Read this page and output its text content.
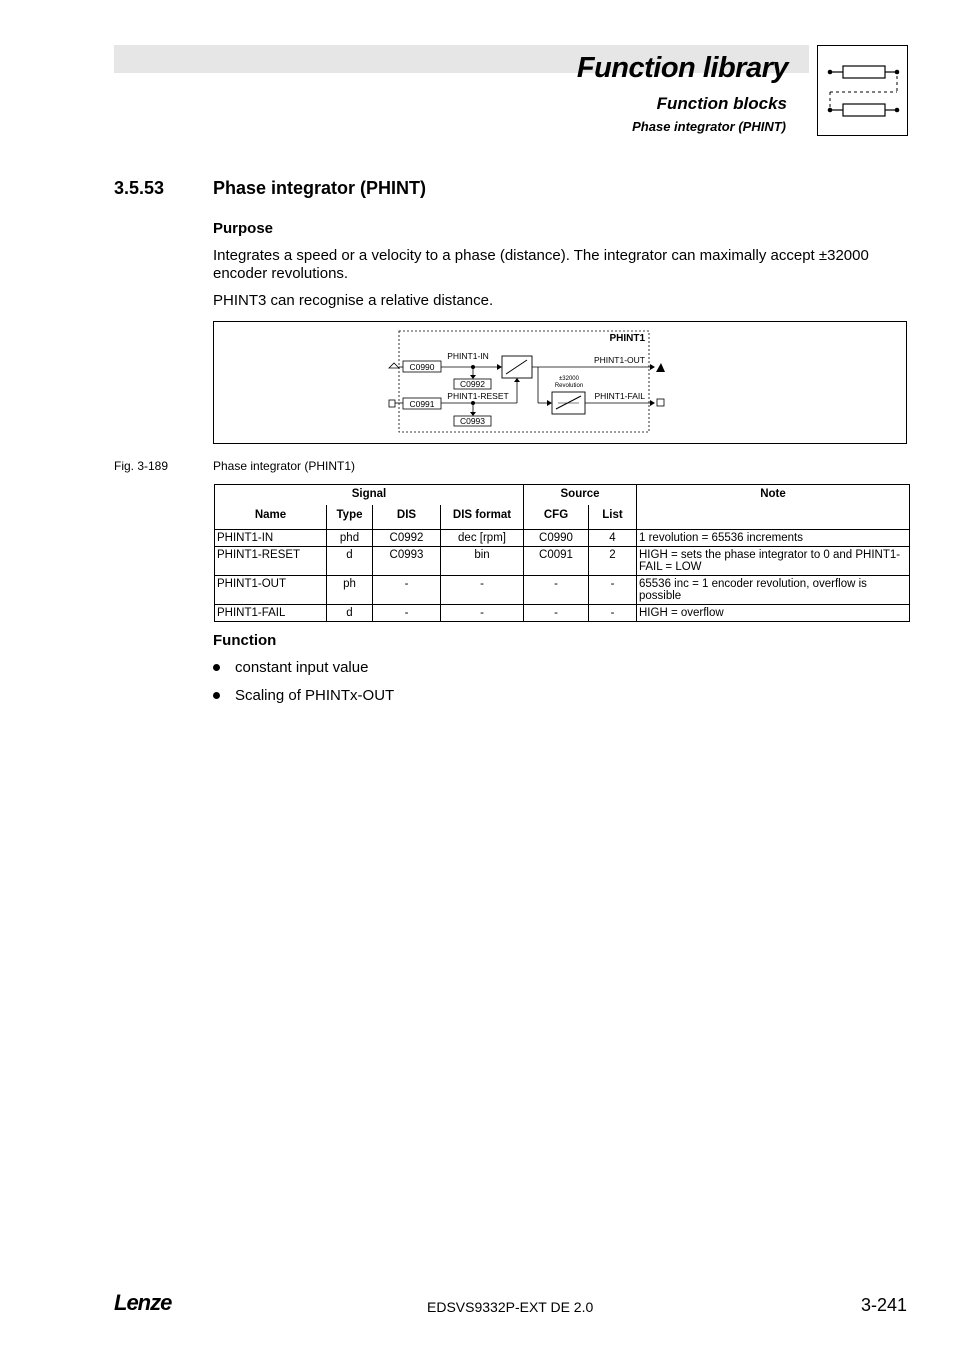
Function library
Function blocks
Phase integrator (PHINT)
3.5.53	Phase integrator (PHINT)
Purpose
Integrates a speed or a velocity to a phase (distance). The integrator can maximally accept ±32000 encoder revolutions.
PHINT3 can recognise a relative distance.
PHINT1
C0990
PHINT1-IN
C0992
PHINT1-OUT
±32000
Revolution
PHINT1-FAIL
C0991
PHINT1-RESET
C0993
Fig. 3-189	Phase integrator (PHINT1)
Signal				Source		Note
Name	Type	DIS	DIS format	CFG	List	
PHINT1-IN	phd	C0992	dec [rpm]	C0990	4	1 revolution = 65536 increments
PHINT1-RESET	d	C0993	bin	C0091	2	HIGH = sets the phase integrator to 0 and PHINT1-FAIL = LOW
PHINT1-OUT	ph	-	-	-	-	65536 inc = 1 encoder revolution, overflow is possible
PHINT1-FAIL	d	-	-	-	-	HIGH = overflow
Function
constant input value
Scaling of PHINTx-OUT
Lenze	EDSVS9332P-EXT DE 2.0	3-241
